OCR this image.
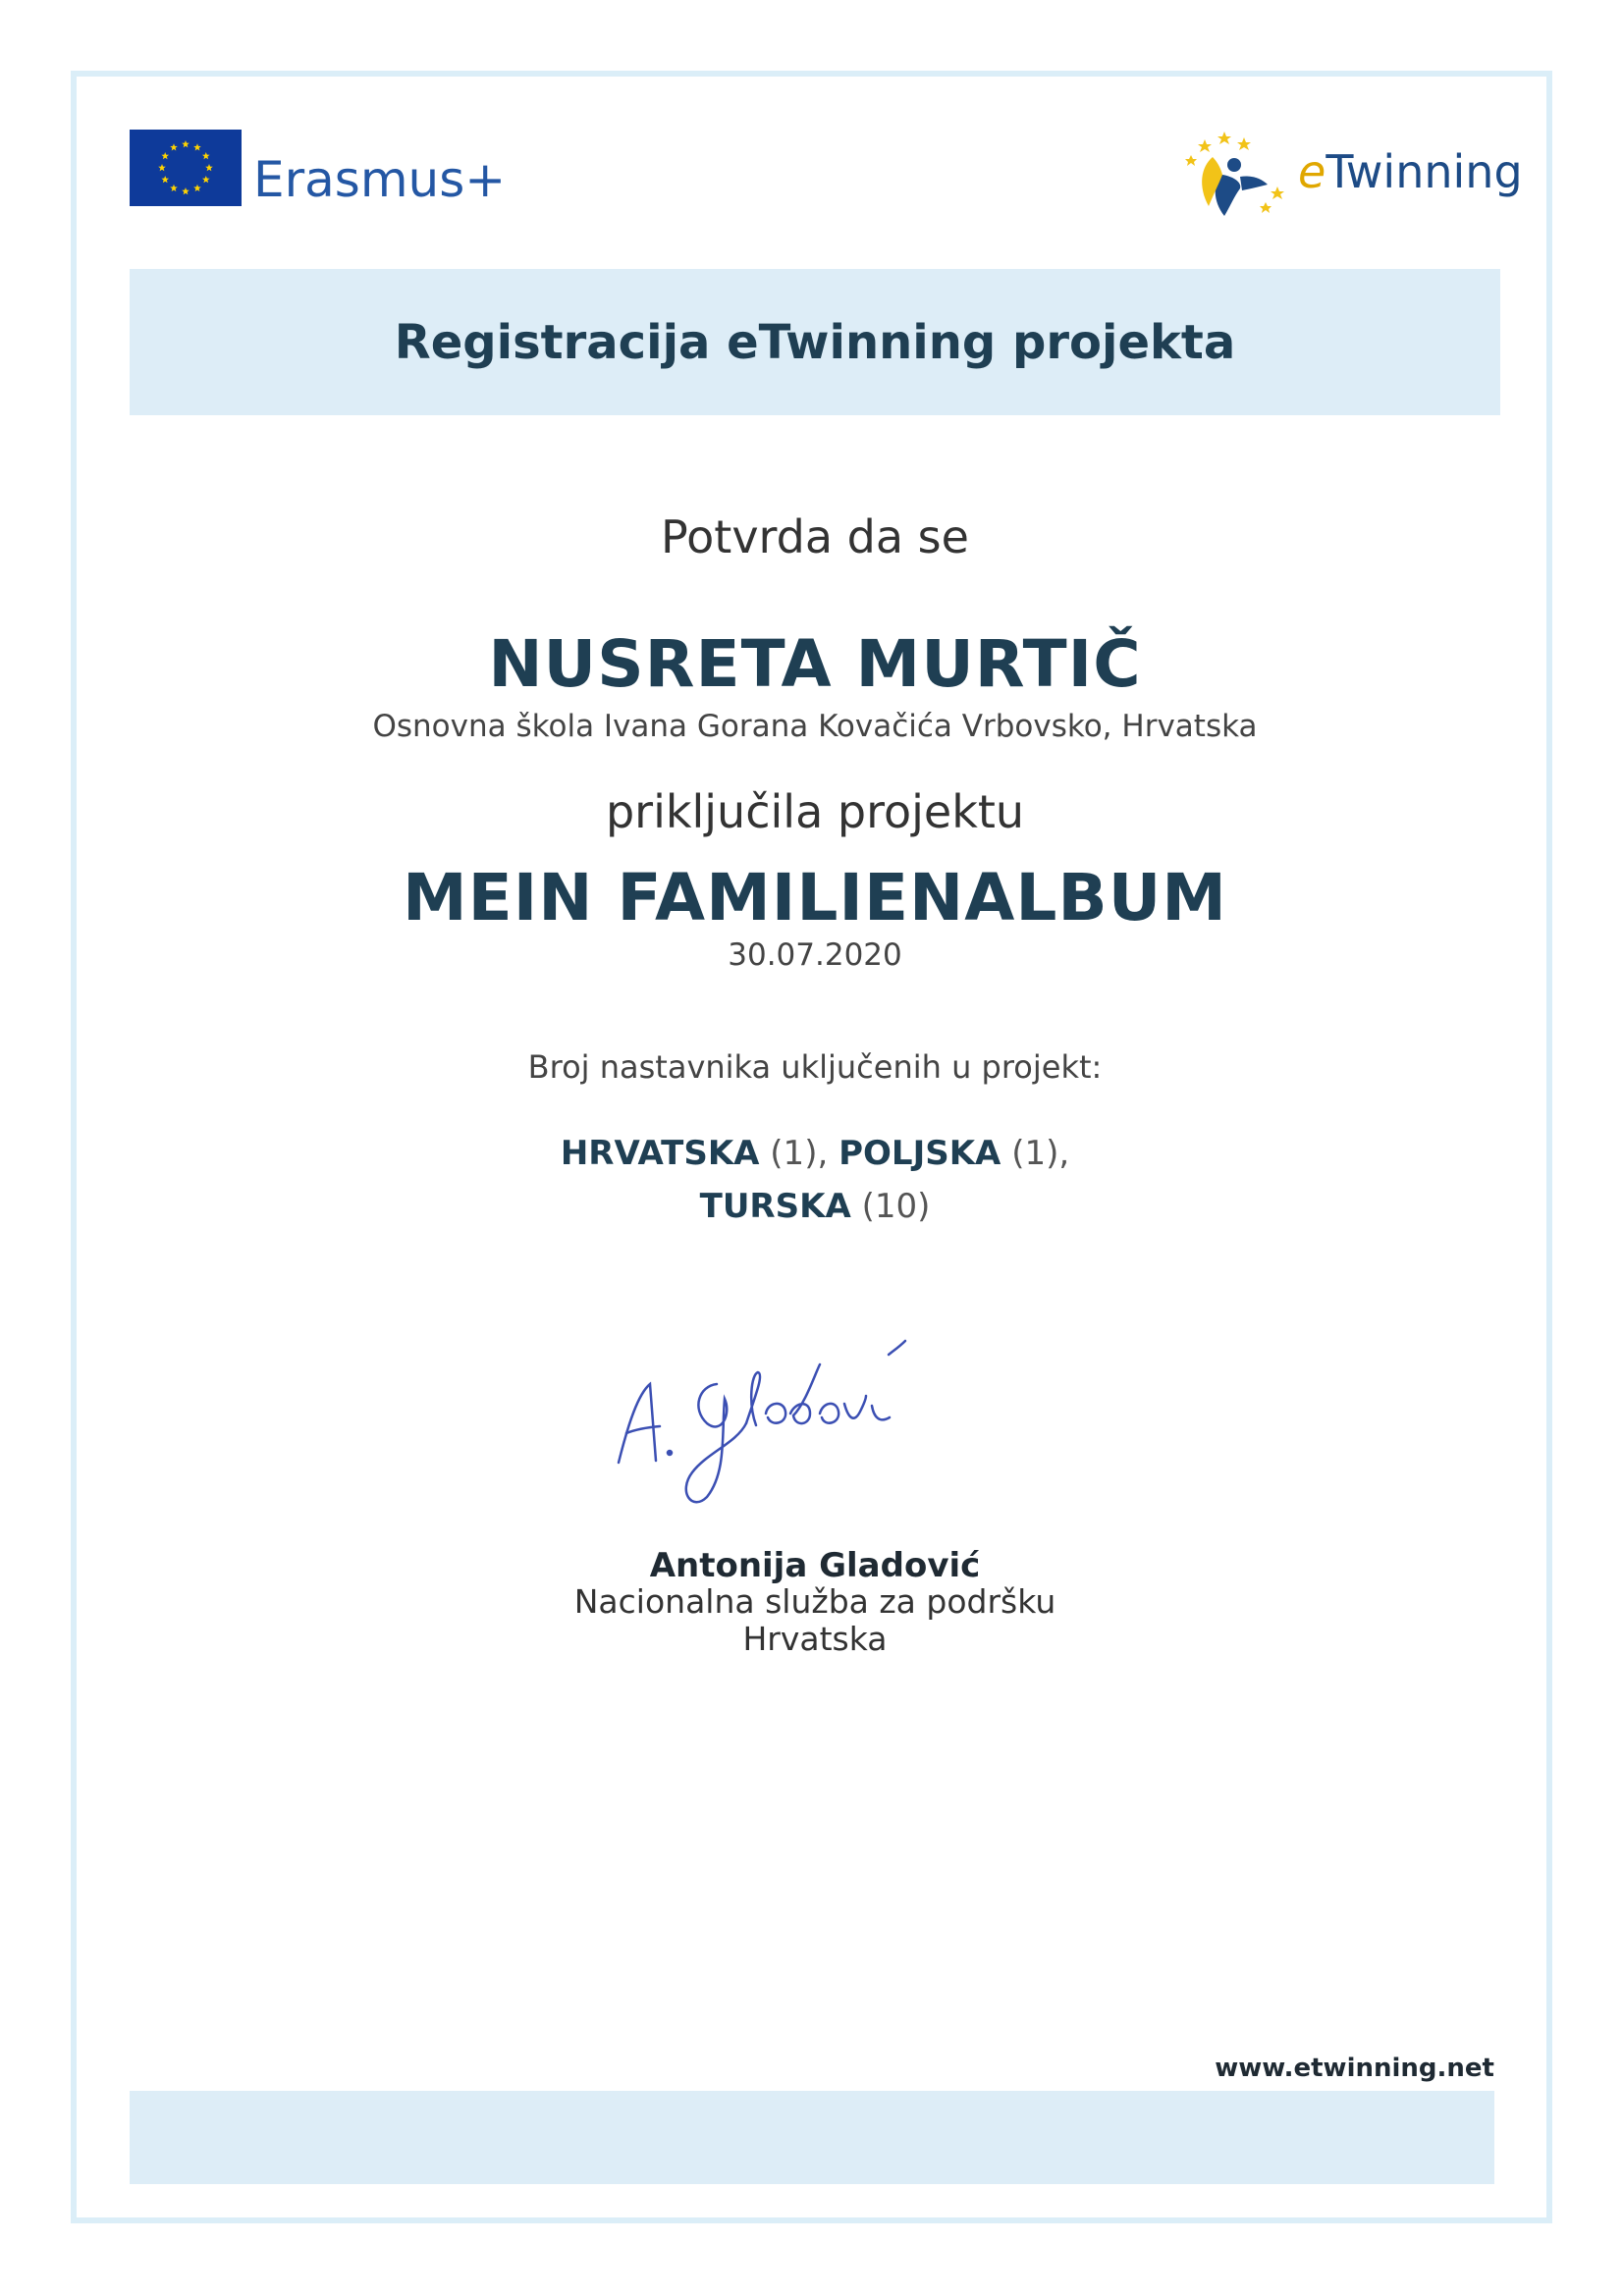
Erasmus+	eTwinning
Registracija eTwinning projekta
Potvrda da se
NUSRETA MURTIČ
Osnovna škola Ivana Gorana Kovačića Vrbovsko, Hrvatska
priključila projektu
MEIN FAMILIENALBUM
30.07.2020
Broj nastavnika uključenih u projekt:
HRVATSKA (1), POLJSKA (1),
TURSKA (10)
Antonija Gladović
Nacionalna služba za podršku
Hrvatska
www.etwinning.net
